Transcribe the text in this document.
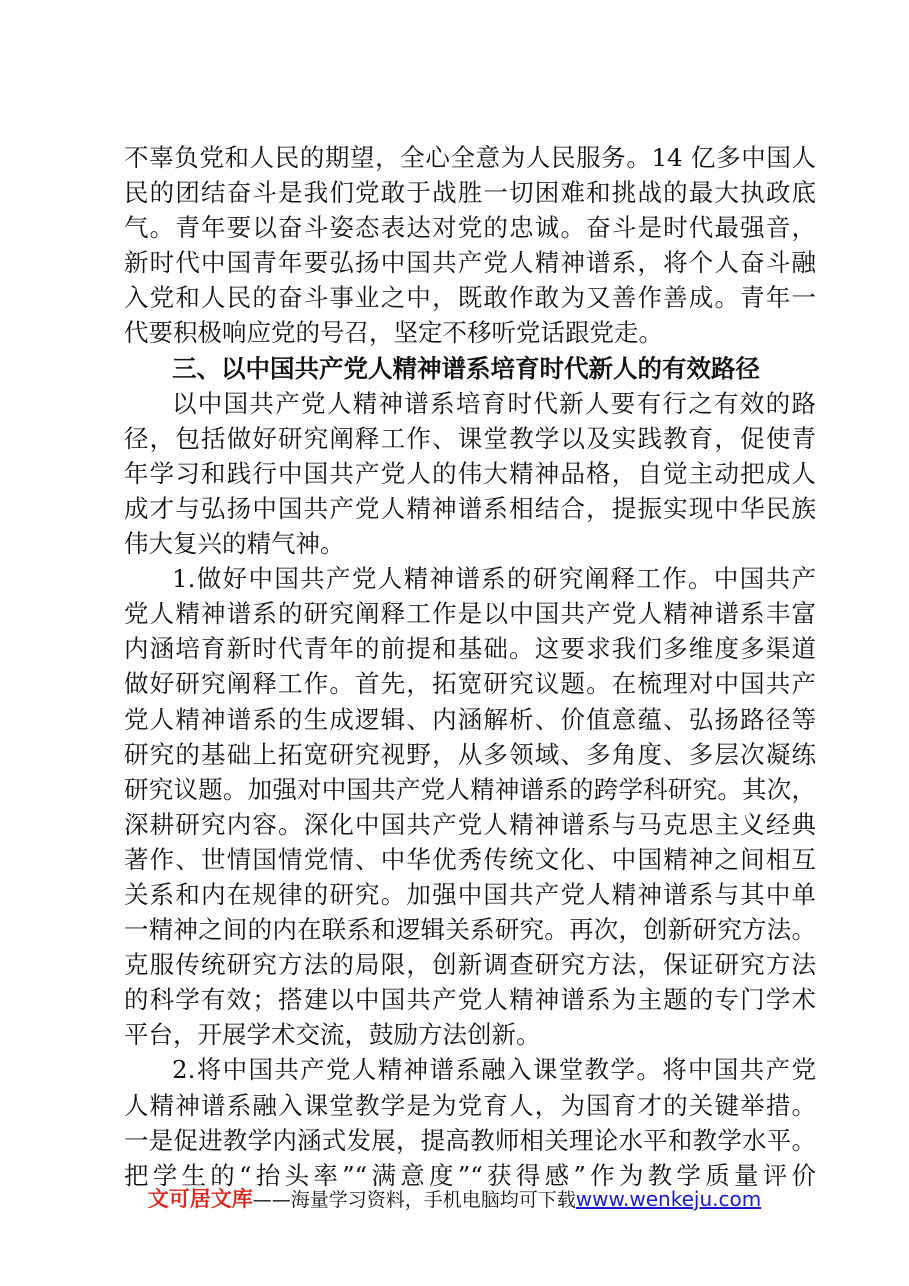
不辜负党和人民的期望，全心全意为人民服务。14 亿多中国人
民的团结奋斗是我们党敢于战胜一切困难和挑战的最大执政底
气。青年要以奋斗姿态表达对党的忠诚。奋斗是时代最强音，
新时代中国青年要弘扬中国共产党人精神谱系，将个人奋斗融
入党和人民的奋斗事业之中，既敢作敢为又善作善成。青年一
代要积极响应党的号召，坚定不移听党话跟党走。
三、以中国共产党人精神谱系培育时代新人的有效路径
以中国共产党人精神谱系培育时代新人要有行之有效的路
径，包括做好研究阐释工作、课堂教学以及实践教育，促使青
年学习和践行中国共产党人的伟大精神品格，自觉主动把成人
成才与弘扬中国共产党人精神谱系相结合，提振实现中华民族
伟大复兴的精气神。
1.做好中国共产党人精神谱系的研究阐释工作。中国共产
党人精神谱系的研究阐释工作是以中国共产党人精神谱系丰富
内涵培育新时代青年的前提和基础。这要求我们多维度多渠道
做好研究阐释工作。首先，拓宽研究议题。在梳理对中国共产
党人精神谱系的生成逻辑、内涵解析、价值意蕴、弘扬路径等
研究的基础上拓宽研究视野，从多领域、多角度、多层次凝练
研究议题。加强对中国共产党人精神谱系的跨学科研究。其次，
深耕研究内容。深化中国共产党人精神谱系与马克思主义经典
著作、世情国情党情、中华优秀传统文化、中国精神之间相互
关系和内在规律的研究。加强中国共产党人精神谱系与其中单
一精神之间的内在联系和逻辑关系研究。再次，创新研究方法。
克服传统研究方法的局限，创新调查研究方法，保证研究方法
的科学有效；搭建以中国共产党人精神谱系为主题的专门学术
平台，开展学术交流，鼓励方法创新。
2.将中国共产党人精神谱系融入课堂教学。将中国共产党
人精神谱系融入课堂教学是为党育人，为国育才的关键举措。
一是促进教学内涵式发展，提高教师相关理论水平和教学水平。
把学生的“抬头率”“满意度”“获得感”作为教学质量评价
文可居文库——海量学习资料，手机电脑均可下载www.wenkeju.com
